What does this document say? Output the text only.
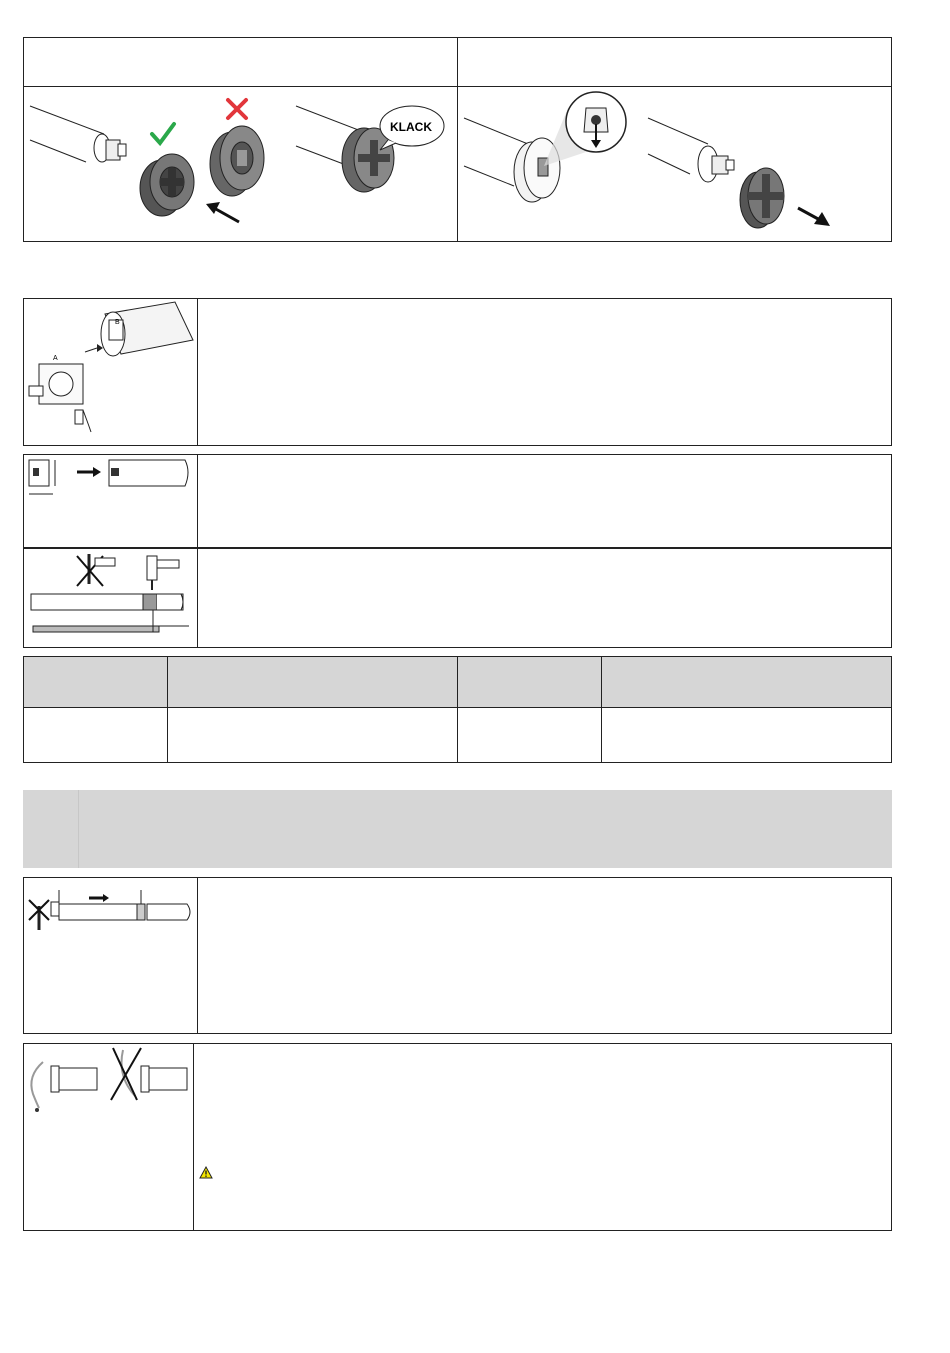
KLACK
B
A
